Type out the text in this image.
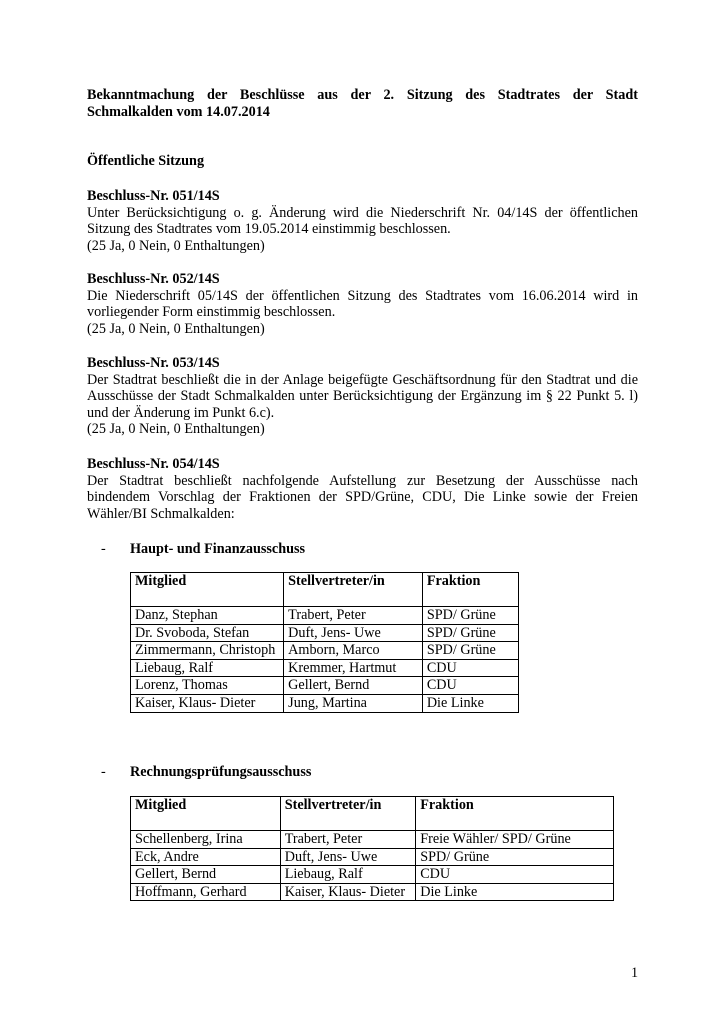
Bekanntmachung der Beschlüsse aus der 2. Sitzung des Stadtrates der Stadt
Schmalkalden vom 14.07.2014
Öffentliche Sitzung
Beschluss-Nr. 051/14S
Unter Berücksichtigung o. g. Änderung wird die Niederschrift Nr. 04/14S der öffentlichen Sitzung des Stadtrates vom 19.05.2014 einstimmig beschlossen.
(25 Ja, 0 Nein, 0 Enthaltungen)
Beschluss-Nr. 052/14S
Die Niederschrift 05/14S der öffentlichen Sitzung des Stadtrates vom 16.06.2014 wird in vorliegender Form einstimmig beschlossen.
(25 Ja, 0 Nein, 0 Enthaltungen)
Beschluss-Nr. 053/14S
Der Stadtrat beschließt die in der Anlage beigefügte Geschäftsordnung für den Stadtrat und die Ausschüsse der Stadt Schmalkalden unter Berücksichtigung der Ergänzung im § 22 Punkt 5. l) und der Änderung im Punkt 6.c).
(25 Ja, 0 Nein, 0 Enthaltungen)
Beschluss-Nr. 054/14S
Der Stadtrat beschließt nachfolgende Aufstellung zur Besetzung der Ausschüsse nach bindendem Vorschlag der Fraktionen der SPD/Grüne, CDU, Die Linke sowie der Freien Wähler/BI Schmalkalden:
- Haupt- und Finanzausschuss
Mitglied	Stellvertreter/in	Fraktion
Danz, Stephan	Trabert, Peter	SPD/ Grüne
Dr. Svoboda, Stefan	Duft, Jens- Uwe	SPD/ Grüne
Zimmermann, Christoph	Amborn, Marco	SPD/ Grüne
Liebaug, Ralf	Kremmer, Hartmut	CDU
Lorenz, Thomas	Gellert, Bernd	CDU
Kaiser, Klaus- Dieter	Jung, Martina	Die Linke
- Rechnungsprüfungsausschuss
Mitglied	Stellvertreter/in	Fraktion
Schellenberg, Irina	Trabert, Peter	Freie Wähler/ SPD/ Grüne
Eck, Andre	Duft, Jens- Uwe	SPD/ Grüne
Gellert, Bernd	Liebaug, Ralf	CDU
Hoffmann, Gerhard	Kaiser, Klaus- Dieter	Die Linke
1
